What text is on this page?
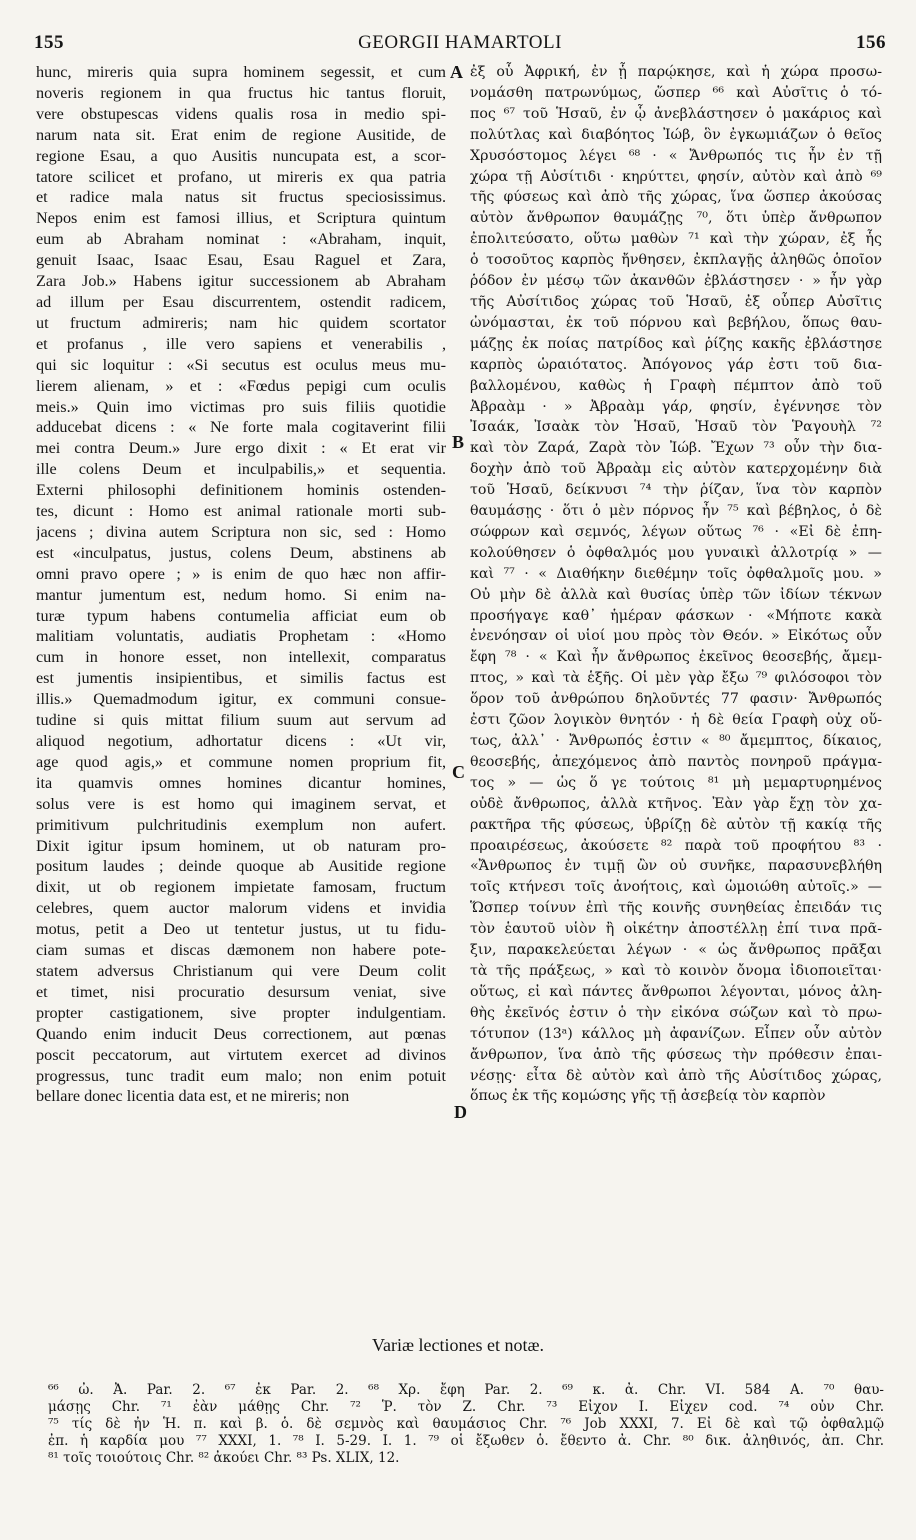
155	GEORGII HAMARTOLI	156
hunc, mireris quia supra hominem segessit, et cum
noveris regionem in qua fructus hic tantus floruit,
vere obstupescas videns qualis rosa in medio spi-
narum nata sit. Erat enim de regione Ausitide, de
regione Esau, a quo Ausitis nuncupata est, a scor-
tatore scilicet et profano, ut mireris ex qua patria
et radice mala natus sit fructus speciosissimus.
Nepos enim est famosi illius, et Scriptura quintum
eum ab Abraham nominat : «Abraham, inquit,
genuit Isaac, Isaac Esau, Esau Raguel et Zara,
Zara Job.» Habens igitur successionem ab Abraham
ad illum per Esau discurrentem, ostendit radicem,
ut fructum admireris; nam hic quidem scortator
et profanus , ille vero sapiens et venerabilis ,
qui sic loquitur : «Si secutus est oculus meus mu-
lierem alienam, » et : «Fœdus pepigi cum oculis
meis.» Quin imo victimas pro suis filiis quotidie
adducebat dicens : « Ne forte mala cogitaverint filii
mei contra Deum.» Jure ergo dixit : « Et erat vir
ille colens Deum et inculpabilis,» et sequentia.
Externi philosophi definitionem hominis ostenden-
tes, dicunt : Homo est animal rationale morti sub-
jacens ; divina autem Scriptura non sic, sed : Homo
est «inculpatus, justus, colens Deum, abstinens ab
omni pravo opere ; » is enim de quo hæc non affir-
mantur jumentum est, nedum homo. Si enim na-
turæ typum habens contumelia afficiat eum ob
malitiam voluntatis, audiatis Prophetam : «Homo
cum in honore esset, non intellexit, comparatus
est jumentis insipientibus, et similis factus est
illis.» Quemadmodum igitur, ex communi consue-
tudine si quis mittat filium suum aut servum ad
aliquod negotium, adhortatur dicens : «Ut vir,
age quod agis,» et commune nomen proprium fit,
ita quamvis omnes homines dicantur homines,
solus vere is est homo qui imaginem servat, et
primitivum pulchritudinis exemplum non aufert.
Dixit igitur ipsum hominem, ut ob naturam pro-
positum laudes ; deinde quoque ab Ausitide regione
dixit, ut ob regionem impietate famosam, fructum
celebres, quem auctor malorum videns et invidia
motus, petit a Deo ut tentetur justus, ut tu fidu-
ciam sumas et discas dæmonem non habere pote-
statem adversus Christianum qui vere Deum colit
et timet, nisi procuratio desursum veniat, sive
propter castigationem, sive propter indulgentiam.
Quando enim inducit Deus correctionem, aut pœnas
poscit peccatorum, aut virtutem exercet ad divinos
progressus, tunc tradit eum malo; non enim potuit
bellare donec licentia data est, et ne mireris; non
ἐξ οὗ Ἀφρική, ἐν ᾗ παρῴκησε, καὶ ἡ χώρα προσω-
νομάσθη πατρωνύμως, ὥσπερ ⁶⁶ καὶ Αὐσῖτις ὁ τό-
πος ⁶⁷ τοῦ Ἡσαῦ, ἐν ᾧ ἀνεβλάστησεν ὁ μακάριος καὶ
πολύτλας καὶ διαβόητος Ἰώβ, ὃν ἐγκωμιάζων ὁ θεῖος
Χρυσόστομος λέγει ⁶⁸ · « Ἄνθρωπός τις ἦν ἐν τῇ
χώρα τῇ Αὐσίτιδι · κηρύττει, φησίν, αὐτὸν καὶ ἀπὸ ⁶⁹
τῆς φύσεως καὶ ἀπὸ τῆς χώρας, ἵνα ὥσπερ ἀκούσας
αὐτὸν ἄνθρωπον θαυμάζῃς ⁷⁰, ὅτι ὑπὲρ ἄνθρωπον
ἐπολιτεύσατο, οὕτω μαθὼν ⁷¹ καὶ τὴν χώραν, ἐξ ἧς
ὁ τοσοῦτος καρπὸς ἤνθησεν, ἐκπλαγῇς ἀληθῶς ὁποῖον
ῥόδον ἐν μέσῳ τῶν ἀκανθῶν ἐβλάστησεν · » ἦν γὰρ
τῆς Αὐσίτιδος χώρας τοῦ Ἡσαῦ, ἐξ οὗπερ Αὐσῖτις
ὠνόμασται, ἐκ τοῦ πόρνου καὶ βεβήλου, ὅπως θαυ-
μάζῃς ἐκ ποίας πατρίδος καὶ ῥίζης κακῆς ἐβλάστησε
καρπὸς ὡραιότατος. Ἀπόγονος γάρ ἐστι τοῦ δια-
βαλλομένου, καθὼς ἡ Γραφὴ πέμπτον ἀπὸ τοῦ
Ἀβραὰμ · » Ἀβραὰμ γάρ, φησίν, ἐγέννησε τὸν
Ἰσαάκ, Ἰσαὰκ τὸν Ἡσαῦ, Ἡσαῦ τὸν Ῥαγουὴλ ⁷²
καὶ τὸν Ζαρά, Ζαρὰ τὸν Ἰώβ. Ἔχων ⁷³ οὖν τὴν δια-
δοχὴν ἀπὸ τοῦ Ἀβραὰμ εἰς αὐτὸν κατερχομένην διὰ
τοῦ Ἡσαῦ, δείκνυσι ⁷⁴ τὴν ῥίζαν, ἵνα τὸν καρπὸν
θαυμάσῃς · ὅτι ὁ μὲν πόρνος ἦν ⁷⁵ καὶ βέβηλος, ὁ δὲ
σώφρων καὶ σεμνός, λέγων οὕτως ⁷⁶ · «Εἰ δὲ ἐπη-
κολούθησεν ὁ ὀφθαλμός μου γυναικὶ ἀλλοτρίᾳ » —
καὶ ⁷⁷ · « Διαθήκην διεθέμην τοῖς ὀφθαλμοῖς μου. »
Οὐ μὴν δὲ ἀλλὰ καὶ θυσίας ὑπὲρ τῶν ἰδίων τέκνων
προσήγαγε καθ᾽ ἡμέραν φάσκων · «Μήποτε κακὰ
ἐνενόησαν οἱ υἱοί μου πρὸς τὸν Θεόν. » Εἰκότως οὖν
ἔφη ⁷⁸ · « Καὶ ἦν ἄνθρωπος ἐκεῖνος θεοσεβής, ἄμεμ-
πτος, » καὶ τὰ ἑξῆς. Οἱ μὲν γὰρ ἔξω ⁷⁹ φιλόσοφοι τὸν
ὅρον τοῦ ἀνθρώπου δηλοῦντές 77 φασιν· Ἄνθρωπός
ἐστι ζῶον λογικὸν θνητόν · ἡ δὲ θεία Γραφὴ οὐχ οὕ-
τως, ἀλλ᾽ · Ἄνθρωπός ἐστιν « ⁸⁰ ἄμεμπτος, δίκαιος,
θεοσεβής, ἀπεχόμενος ἀπὸ παντὸς πονηροῦ πράγμα-
τος » — ὡς ὅ γε τούτοις ⁸¹ μὴ μεμαρτυρημένος
οὐδὲ ἄνθρωπος, ἀλλὰ κτῆνος. Ἐὰν γὰρ ἔχῃ τὸν χα-
ρακτῆρα τῆς φύσεως, ὑβρίζῃ δὲ αὐτὸν τῇ κακίᾳ τῆς
προαιρέσεως, ἀκούσετε ⁸² παρὰ τοῦ προφήτου ⁸³ ·
«Ἄνθρωπος ἐν τιμῇ ὢν οὐ συνῆκε, παρασυνεβλήθη
τοῖς κτήνεσι τοῖς ἀνοήτοις, καὶ ὡμοιώθη αὐτοῖς.» —
Ὥσπερ τοίνυν ἐπὶ τῆς κοινῆς συνηθείας ἐπειδάν τις
τὸν ἑαυτοῦ υἱὸν ἢ οἰκέτην ἀποστέλλῃ ἐπί τινα πρᾶ-
ξιν, παρακελεύεται λέγων · « ὡς ἄνθρωπος πρᾶξαι
τὰ τῆς πράξεως, » καὶ τὸ κοινὸν ὄνομα ἰδιοποιεῖται·
οὕτως, εἰ καὶ πάντες ἄνθρωποι λέγονται, μόνος ἀλη-
θὴς ἐκεῖνός ἐστιν ὁ τὴν εἰκόνα σώζων καὶ τὸ πρω-
τότυπον (13ᵃ) κάλλος μὴ ἀφανίζων. Εἶπεν οὖν αὐτὸν
ἄνθρωπον, ἵνα ἀπὸ τῆς φύσεως τὴν πρόθεσιν ἐπαι-
νέσῃς· εἶτα δὲ αὐτὸν καὶ ἀπὸ τῆς Αὐσίτιδος χώρας,
ὅπως ἐκ τῆς κομώσης γῆς τῇ ἀσεβείᾳ τὸν καρπὸν
A
B
C
D
Variæ lectiones et notæ.
⁶⁶ ὦ. Ἀ. Par. 2. ⁶⁷ ἐκ Par. 2. ⁶⁸ Χρ. ἔφη Par. 2. ⁶⁹ κ. ἀ. Chr. VI. 584 A. ⁷⁰ θαυ-
μάσῃς Chr. ⁷¹ ἐὰν μάθῃς Chr. ⁷² Ῥ. τὸν Ζ. Chr. ⁷³ Εἶχον I. Εἶχεν cod. ⁷⁴ οὖν Chr.
⁷⁵ τίς δὲ ἦν Ἡ. π. καὶ β. ὁ. δὲ σεμνὸς καὶ θαυμάσιος Chr. ⁷⁶ Job XXXI, 7. Εἰ δὲ καὶ τῷ ὀφθαλμῷ
ἐπ. ἡ καρδία μου ⁷⁷ XXXI, 1. ⁷⁸ I. 5-29. I. 1. ⁷⁹ οἱ ἔξωθεν ὁ. ἔθεντο ἀ. Chr. ⁸⁰ δικ. ἀληθινός, ἀπ. Chr.
⁸¹ τοῖς τοιούτοις Chr. ⁸² ἀκούει Chr. ⁸³ Ps. XLIX, 12.
